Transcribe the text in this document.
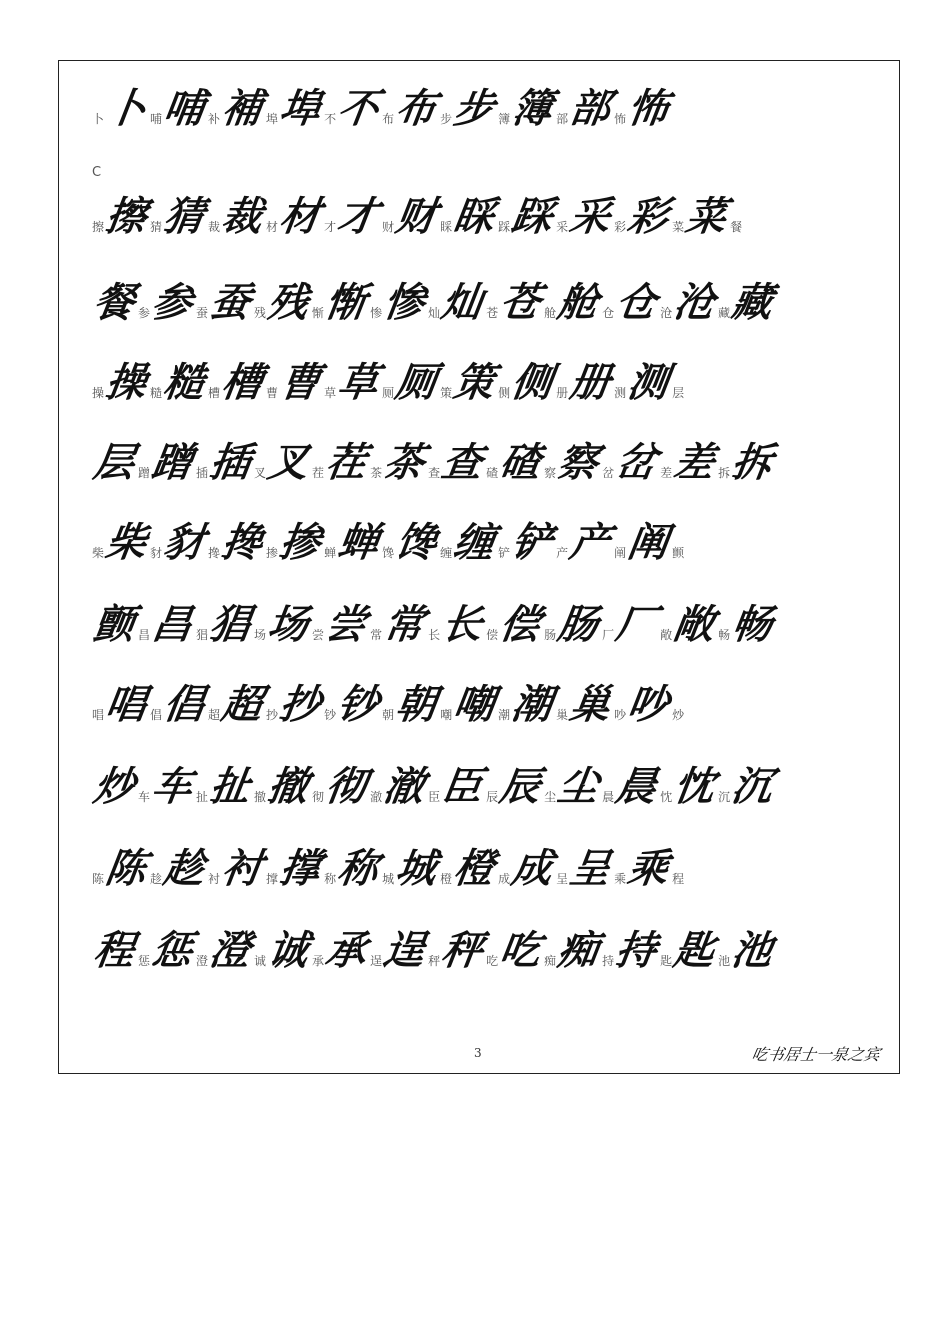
C
卜
卜 哺
哺 补
補 埠
埠 不
不 布
布 步
步 簿
簿 部
部 怖
怖
擦
擦 猜
猜 裁
裁 材
材 才
才 财
财 睬
睬 踩
踩 采
采 彩
彩 菜
菜 餐
餐 参
参 蚕
蚕 残
残 惭
惭 惨
惨 灿
灿 苍
苍 舱
舱 仓
仓 沧
沧 藏
藏
操
操 糙
糙 槽
槽 曹
曹 草
草 厕
厕 策
策 侧
侧 册
册 测
测 层
层 蹭
蹭 插
插 叉
叉 茬
茬 茶
茶 查
查 碴
碴 察
察 岔
岔 差
差 拆
拆
柴
柴 豺
豺 搀
搀 掺
掺 蝉
蝉 馋
馋 缠
缠 铲
铲 产
产 阐
阐 颤
颤 昌
昌 猖
猖 场
场 尝
尝 常
常 长
长 偿
偿 肠
肠 厂
厂 敞
敞 畅
畅
唱
唱 倡
倡 超
超 抄
抄 钞
钞 朝
朝 嘲
嘲 潮
潮 巢
巢 吵
吵 炒
炒 车
车 扯
扯 撤
撤 彻
彻 澈
澈 臣
臣 辰
辰 尘
尘 晨
晨 忱
忱 沉
沉
陈
陈 趁
趁 衬
衬 撑
撑 称
称 城
城 橙
橙 成
成 呈
呈 乘
乘 程
程 惩
惩 澄
澄 诚
诚 承
承 逞
逞 秤
秤 吃
吃 痴
痴 持
持 匙
匙 池
池
3	吃书居士一泉之宾
